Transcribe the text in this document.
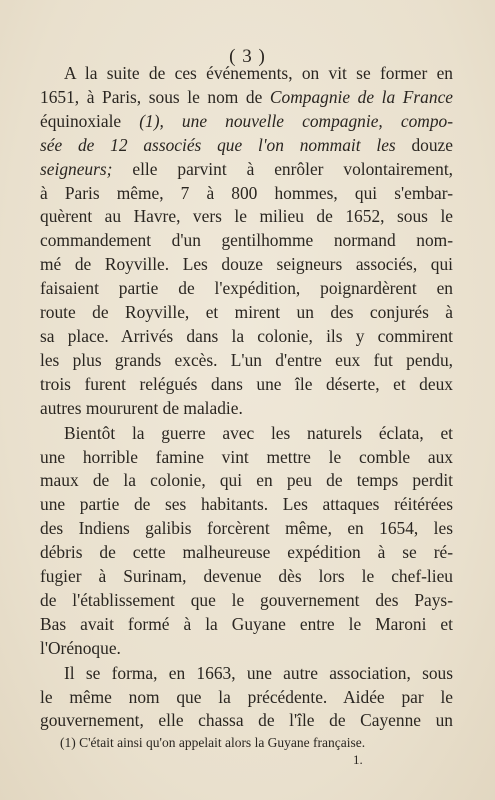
( 3 )

A la suite de ces événements, on vit se former en
1651, à Paris, sous le nom de Compagnie de la France
équinoxiale (1), une nouvelle compagnie, compo-
sée de 12 associés que l'on nommait les douze
seigneurs; elle parvint à enrôler volontairement,
à Paris même, 7 à 800 hommes, qui s'embar-
quèrent au Havre, vers le milieu de 1652, sous le
commandement d'un gentilhomme normand nom-
mé de Royville. Les douze seigneurs associés, qui
faisaient partie de l'expédition, poignardèrent en
route de Royville, et mirent un des conjurés à
sa place. Arrivés dans la colonie, ils y commirent
les plus grands excès. L'un d'entre eux fut pendu,
trois furent relégués dans une île déserte, et deux
autres moururent de maladie.

Bientôt la guerre avec les naturels éclata, et
une horrible famine vint mettre le comble aux
maux de la colonie, qui en peu de temps perdit
une partie de ses habitants. Les attaques réitérées
des Indiens galibis forcèrent même, en 1654, les
débris de cette malheureuse expédition à se ré-
fugier à Surinam, devenue dès lors le chef-lieu
de l'établissement que le gouvernement des Pays-
Bas avait formé à la Guyane entre le Maroni et
l'Orénoque.

Il se forma, en 1663, une autre association, sous
le même nom que la précédente. Aidée par le
gouvernement, elle chassa de l'île de Cayenne un

(1) C'était ainsi qu'on appelait alors la Guyane française.
1.
